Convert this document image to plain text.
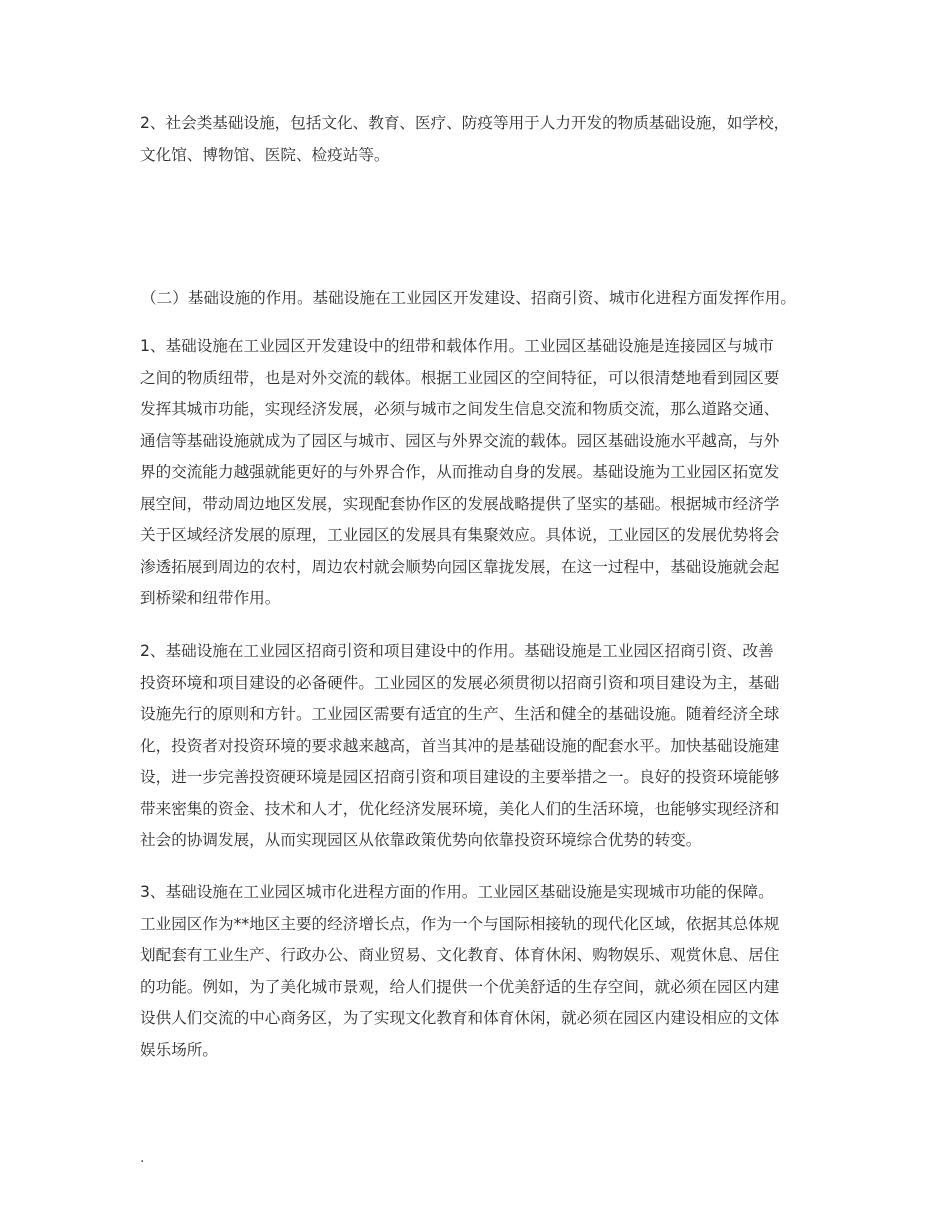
2、社会类基础设施，包括文化、教育、医疗、防疫等用于人力开发的物质基础设施，如学校，
文化馆、博物馆、医院、检疫站等。

（二）基础设施的作用。基础设施在工业园区开发建设、招商引资、城市化进程方面发挥作用。

1、基础设施在工业园区开发建设中的纽带和载体作用。工业园区基础设施是连接园区与城市
之间的物质纽带，也是对外交流的载体。根据工业园区的空间特征，可以很清楚地看到园区要
发挥其城市功能，实现经济发展，必须与城市之间发生信息交流和物质交流，那么道路交通、
通信等基础设施就成为了园区与城市、园区与外界交流的载体。园区基础设施水平越高，与外
界的交流能力越强就能更好的与外界合作，从而推动自身的发展。基础设施为工业园区拓宽发
展空间，带动周边地区发展，实现配套协作区的发展战略提供了坚实的基础。根据城市经济学
关于区域经济发展的原理，工业园区的发展具有集聚效应。具体说，工业园区的发展优势将会
渗透拓展到周边的农村，周边农村就会顺势向园区靠拢发展，在这一过程中，基础设施就会起
到桥梁和纽带作用。

2、基础设施在工业园区招商引资和项目建设中的作用。基础设施是工业园区招商引资、改善
投资环境和项目建设的必备硬件。工业园区的发展必须贯彻以招商引资和项目建设为主，基础
设施先行的原则和方针。工业园区需要有适宜的生产、生活和健全的基础设施。随着经济全球
化，投资者对投资环境的要求越来越高，首当其冲的是基础设施的配套水平。加快基础设施建
设，进一步完善投资硬环境是园区招商引资和项目建设的主要举措之一。良好的投资环境能够
带来密集的资金、技术和人才，优化经济发展环境，美化人们的生活环境，也能够实现经济和
社会的协调发展，从而实现园区从依靠政策优势向依靠投资环境综合优势的转变。

3、基础设施在工业园区城市化进程方面的作用。工业园区基础设施是实现城市功能的保障。
工业园区作为**地区主要的经济增长点，作为一个与国际相接轨的现代化区域，依据其总体规
划配套有工业生产、行政办公、商业贸易、文化教育、体育休闲、购物娱乐、观赏休息、居住
的功能。例如，为了美化城市景观，给人们提供一个优美舒适的生存空间，就必须在园区内建
设供人们交流的中心商务区，为了实现文化教育和体育休闲，就必须在园区内建设相应的文体
娱乐场所。

.
